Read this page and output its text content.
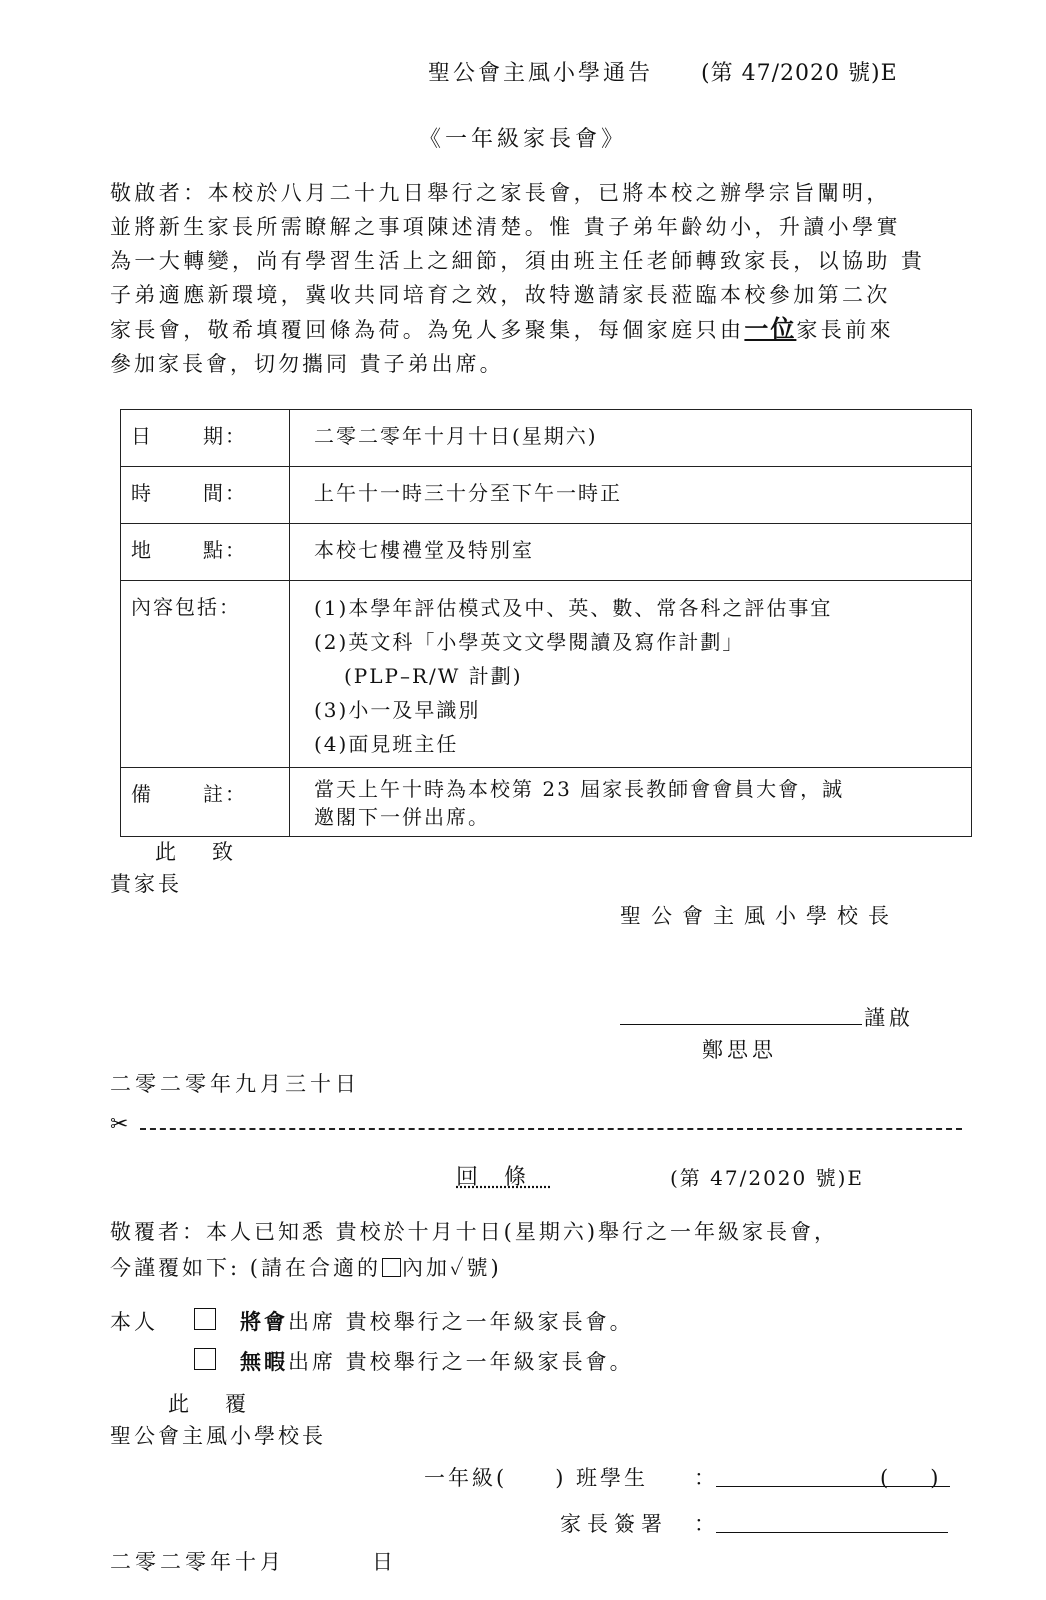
聖公會主風小學通告 (第 47/2020 號)E
《一年級家長會》

敬啟者：本校於八月二十九日舉行之家長會，已將本校之辦學宗旨闡明，

並將新生家長所需瞭解之事項陳述清楚。惟 貴子弟年齡幼小，升讀小學實

為一大轉變，尚有學習生活上之細節，須由班主任老師轉致家長，以協助 貴

子弟適應新環境，冀收共同培育之效，故特邀請家長蒞臨本校參加第二次

家長會，敬希填覆回條為荷。為免人多聚集，每個家庭只由一位家長前來

參加家長會，切勿攜同 貴子弟出席。

日 期：	二零二零年十月十日(星期六)
時 間：	上午十一時三十分至下午一時正
地 點：	本校七樓禮堂及特別室
內容包括：	(1)本學年評估模式及中、英、數、常各科之評估事宜
(2)英文科「小學英文文學閱讀及寫作計劃」
(PLP–R/W 計劃)
(3)小一及早識別
(4)面見班主任

備 註：	當天上午十時為本校第 23 屆家長教師會會員大會，誠
邀閣下一併出席。
此致
貴家長
聖公會主風小學校長
謹啟
鄭思思
二零二零年九月三十日
✂
回條	(第 47/2020 號)E
敬覆者：本人已知悉 貴校於十月十日(星期六)舉行之一年級家長會，
今謹覆如下: (請在合適的 內加✓號)
本人	將會出席 貴校舉行之一年級家長會。
無暇出席 貴校舉行之一年級家長會。
此覆
聖公會主風小學校長
一年級(　　) 班學生 ：	(　　)
家長簽署 ：
二零二零年十月	日
